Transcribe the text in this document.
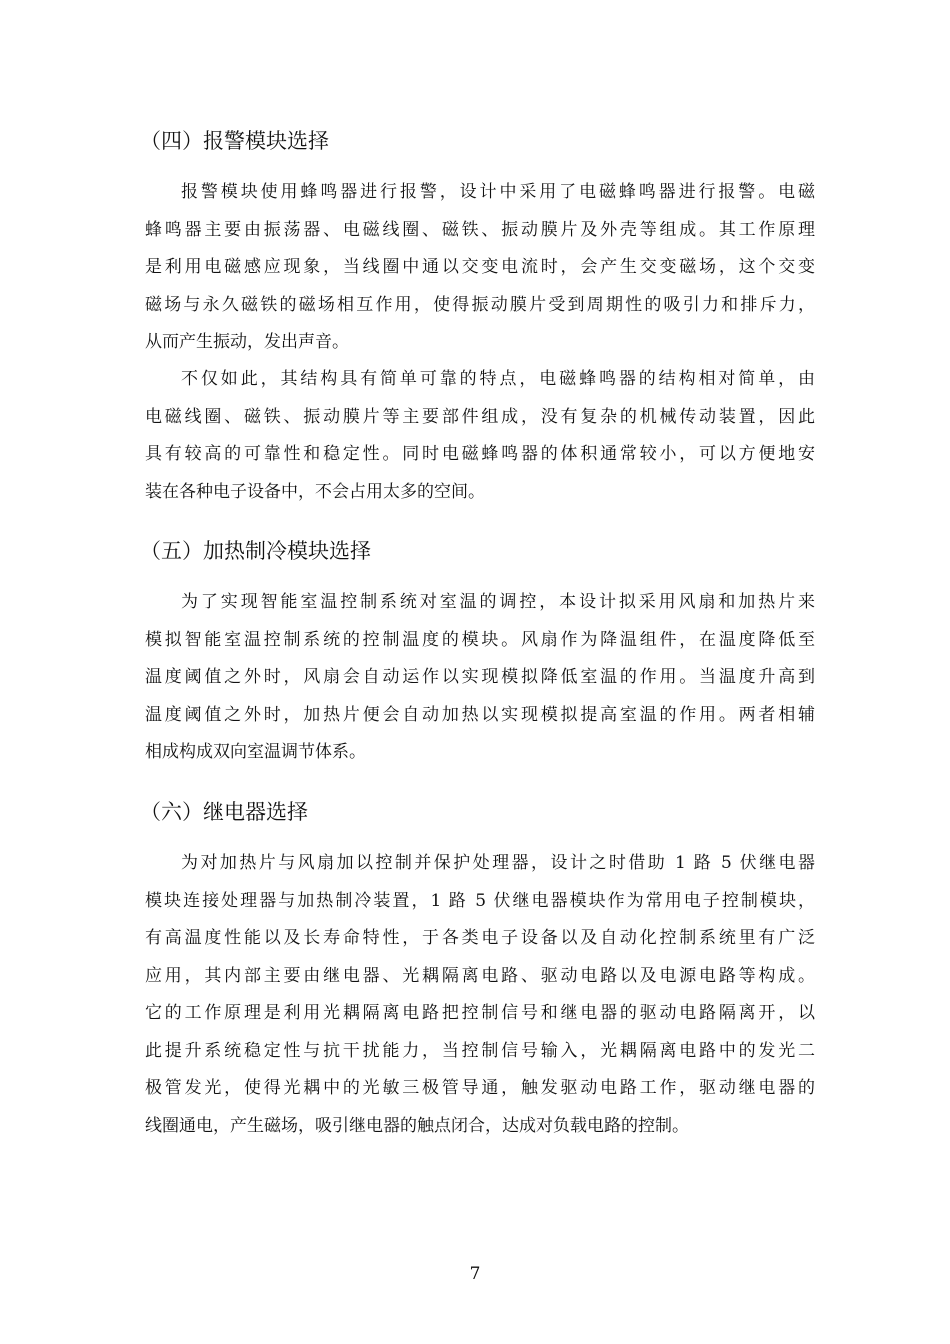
（四）报警模块选择

报警模块使用蜂鸣器进行报警，设计中采用了电磁蜂鸣器进行报警。电磁
蜂鸣器主要由振荡器、电磁线圈、磁铁、振动膜片及外壳等组成。其工作原理
是利用电磁感应现象，当线圈中通以交变电流时，会产生交变磁场，这个交变
磁场与永久磁铁的磁场相互作用，使得振动膜片受到周期性的吸引力和排斥力，
从而产生振动，发出声音。

不仅如此，其结构具有简单可靠的特点，电磁蜂鸣器的结构相对简单，由
电磁线圈、磁铁、振动膜片等主要部件组成，没有复杂的机械传动装置，因此
具有较高的可靠性和稳定性。同时电磁蜂鸣器的体积通常较小，可以方便地安
装在各种电子设备中，不会占用太多的空间。

（五）加热制冷模块选择

为了实现智能室温控制系统对室温的调控，本设计拟采用风扇和加热片来
模拟智能室温控制系统的控制温度的模块。风扇作为降温组件，在温度降低至
温度阈值之外时，风扇会自动运作以实现模拟降低室温的作用。当温度升高到
温度阈值之外时，加热片便会自动加热以实现模拟提高室温的作用。两者相辅
相成构成双向室温调节体系。

（六）继电器选择

为对加热片与风扇加以控制并保护处理器，设计之时借助 1 路 5 伏继电器
模块连接处理器与加热制冷装置，1 路 5 伏继电器模块作为常用电子控制模块，
有高温度性能以及长寿命特性，于各类电子设备以及自动化控制系统里有广泛
应用，其内部主要由继电器、光耦隔离电路、驱动电路以及电源电路等构成。
它的工作原理是利用光耦隔离电路把控制信号和继电器的驱动电路隔离开，以
此提升系统稳定性与抗干扰能力，当控制信号输入，光耦隔离电路中的发光二
极管发光，使得光耦中的光敏三极管导通，触发驱动电路工作，驱动继电器的
线圈通电，产生磁场，吸引继电器的触点闭合，达成对负载电路的控制。

7
